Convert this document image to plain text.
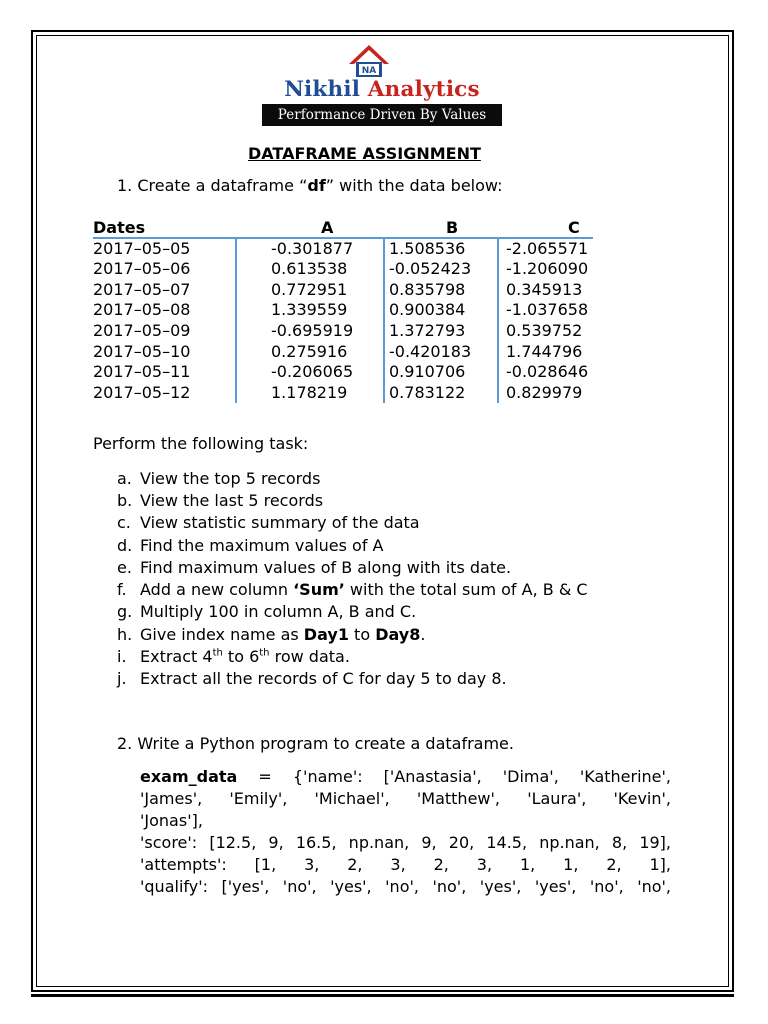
NA
Nikhil Analytics
Performance Driven By Values
DATAFRAME ASSIGNMENT
1. Create a dataframe “df” with the data below:
Dates	A	B	C
2017–05–05	-0.301877 1.508536	-2.065571
2017–05–06	0.613538	-0.052423 -1.206090
2017–05–07	0.772951	0.835798	0.345913
2017–05–08	1.339559	0.900384	-1.037658
2017–05–09	-0.695919 1.372793	0.539752
2017–05–10	0.275916	-0.420183 1.744796
2017–05–11	-0.206065 0.910706	-0.028646
2017–05–12	1.178219	0.783122	0.829979
Perform the following task:
a. View the top 5 records
b. View the last 5 records
c. View statistic summary of the data
d. Find the maximum values of A
e. Find maximum values of B along with its date.
f. Add a new column ‘Sum’ with the total sum of A, B & C
g. Multiply 100 in column A, B and C.
h. Give index name as Day1 to Day8.
i. Extract 4th to 6th row data.
j. Extract all the records of C for day 5 to day 8.
2. Write a Python program to create a dataframe.
exam_data = {'name': ['Anastasia', 'Dima', 'Katherine',
'James', 'Emily', 'Michael', 'Matthew', 'Laura', 'Kevin',
'Jonas'],
'score': [12.5, 9, 16.5, np.nan, 9, 20, 14.5, np.nan, 8, 19],
'attempts': [1, 3, 2, 3, 2, 3, 1, 1, 2, 1],
'qualify': ['yes', 'no', 'yes', 'no', 'no', 'yes', 'yes', 'no', 'no',
